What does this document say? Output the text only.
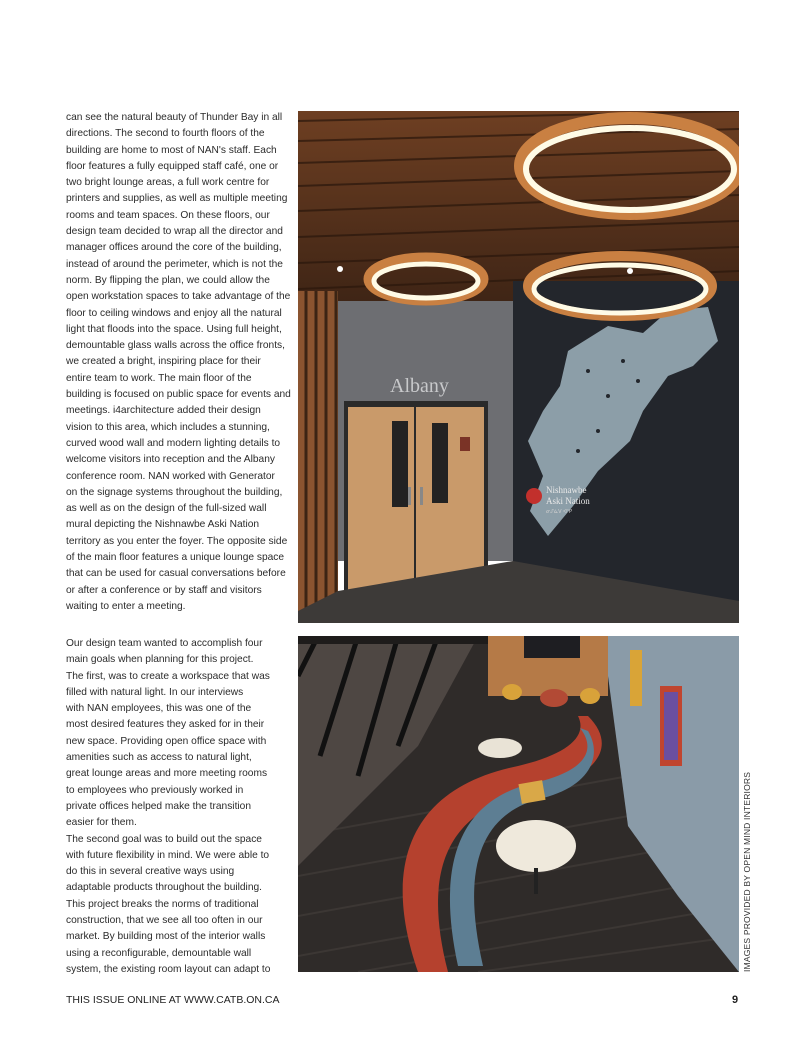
can see the natural beauty of Thunder Bay in all
directions. The second to fourth floors of the
building are home to most of NAN's staff. Each
floor features a fully equipped staff café, one or
two bright lounge areas, a full work centre for
printers and supplies, as well as multiple meeting
rooms and team spaces. On these floors, our
design team decided to wrap all the director and
manager offices around the core of the building,
instead of around the perimeter, which is not the
norm. By flipping the plan, we could allow the
open workstation spaces to take advantage of the
floor to ceiling windows and enjoy all the natural
light that floods into the space. Using full height,
demountable glass walls across the office fronts,
we created a bright, inspiring place for their
entire team to work. The main floor of the
building is focused on public space for events and
meetings. i4architecture added their design
vision to this area, which includes a stunning,
curved wood wall and modern lighting details to
welcome visitors into reception and the Albany
conference room. NAN worked with Generator
on the signage systems throughout the building,
as well as on the design of the full-sized wall
mural depicting the Nishnawbe Aski Nation
territory as you enter the foyer. The opposite side
of the main floor features a unique lounge space
that can be used for casual conversations before
or after a conference or by staff and visitors
waiting to enter a meeting.
Our design team wanted to accomplish four
main goals when planning for this project.
The first, was to create a workspace that was
filled with natural light. In our interviews
with NAN employees, this was one of the
most desired features they asked for in their
new space. Providing open office space with
amenities such as access to natural light,
great lounge areas and more meeting rooms
to employees who previously worked in
private offices helped make the transition
easier for them.
The second goal was to build out the space
with future flexibility in mind. We were able to
do this in several creative ways using
adaptable products throughout the building.
This project breaks the norms of traditional
construction, that we see all too often in our
market. By building most of the interior walls
using a reconfigurable, demountable wall
system, the existing room layout can adapt to
Nishnawbe
Aski Nation
ᓂᔑᓈᐯ ᐊᐢᑭ
Albany
IMAGES PROVIDED BY OPEN MIND INTERIORS
THIS ISSUE ONLINE AT WWW.CATB.ON.CA	9
